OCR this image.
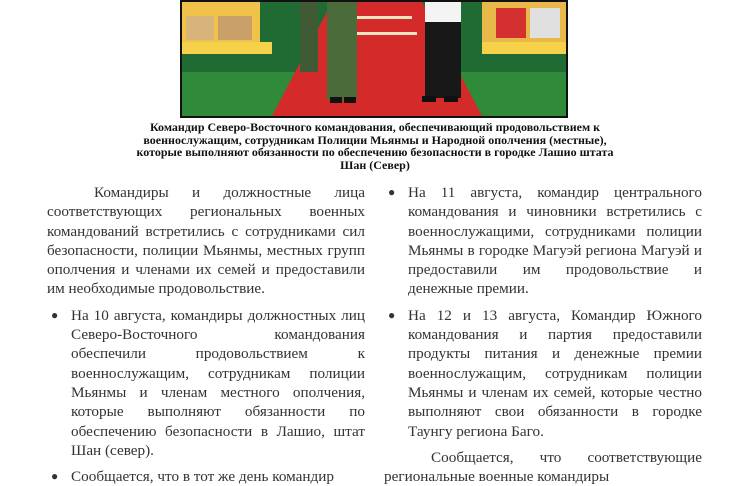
Командир Северо-Восточного командования, обеспечивающий продовольствием к
военнослужащим, сотрудникам Полиции Мьянмы и Народной ополчения (местные),
которые выполняют обязанности по обеспечению безопасности в городке Лашио штата
Шан (Север)

Командиры и должностные лица соответствующих региональных военных командований встретились с сотрудниками сил безопасности, полиции Мьянмы, местных групп ополчения и членами их семей и предоставили им необходимые продовольствие.

● На 10 августа, командиры должностных лиц Северо-Восточного командования обеспечили продовольствием к военнослужащим, сотрудникам полиции Мьянмы и членам местного ополчения, которые выполняют обязанности по обеспечению безопасности в Лашио, штат Шан (север).
● Сообщается, что в тот же день командир
● На 11 августа, командир центрального командования и чиновники встретились с военнослужащими, сотрудниками полиции Мьянмы в городке Магуэй региона Магуэй и предоставили им продовольствие и денежные премии.
● На 12 и 13 августа, Командир Южного командования и партия предоставили продукты питания и денежные премии военнослужащим, сотрудникам полиции Мьянмы и членам их семей, которые честно выполняют свои обязанности в городке Таунгу региона Баго.

Сообщается, что соответствующие региональные военные командиры
